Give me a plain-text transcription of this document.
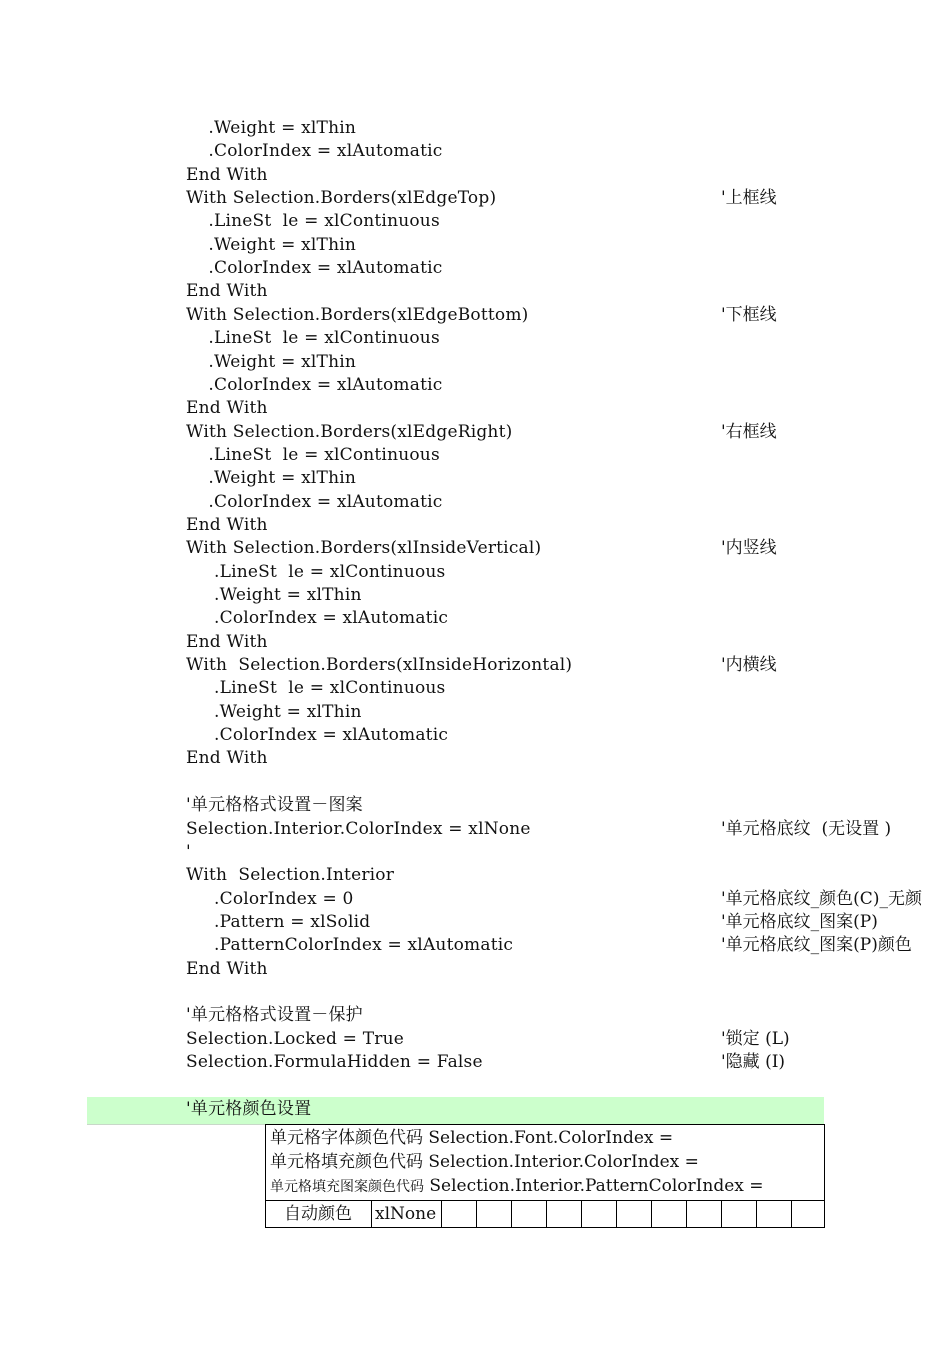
.Weight = xlThin
.ColorIndex = xlAutomatic
End With
With Selection.Borders(xlEdgeTop)
.LineSt  le = xlContinuous
.Weight = xlThin
.ColorIndex = xlAutomatic
End With
With Selection.Borders(xlEdgeBottom)
.LineSt  le = xlContinuous
.Weight = xlThin
.ColorIndex = xlAutomatic
End With
With Selection.Borders(xlEdgeRight)
.LineSt  le = xlContinuous
.Weight = xlThin
.ColorIndex = xlAutomatic
End With
With Selection.Borders(xlInsideVertical)
.LineSt  le = xlContinuous
.Weight = xlThin
.ColorIndex = xlAutomatic
End With
With  Selection.Borders(xlInsideHorizontal)
.LineSt  le = xlContinuous
.Weight = xlThin
.ColorIndex = xlAutomatic
End With
'单元格格式设置－图案
Selection.Interior.ColorIndex = xlNone
'
With  Selection.Interior
.ColorIndex = 0
.Pattern = xlSolid
.PatternColorIndex = xlAutomatic
End With
'单元格格式设置－保护
Selection.Locked = True
Selection.FormulaHidden = False
'上框线
'下框线
'右框线
'内竖线
'内横线
'单元格底纹  (无设置 )
'单元格底纹_颜色(C)_无颜
'单元格底纹_图案(P)
'单元格底纹_图案(P)颜色
'锁定 (L)
'隐藏 (I)
'单元格颜色设置
单元格字体颜色代码 Selection.Font.ColorIndex =
单元格填充颜色代码 Selection.Interior.ColorIndex =
单元格填充图案颜色代码 Selection.Interior.PatternColorIndex =
自动颜色	xlNone
